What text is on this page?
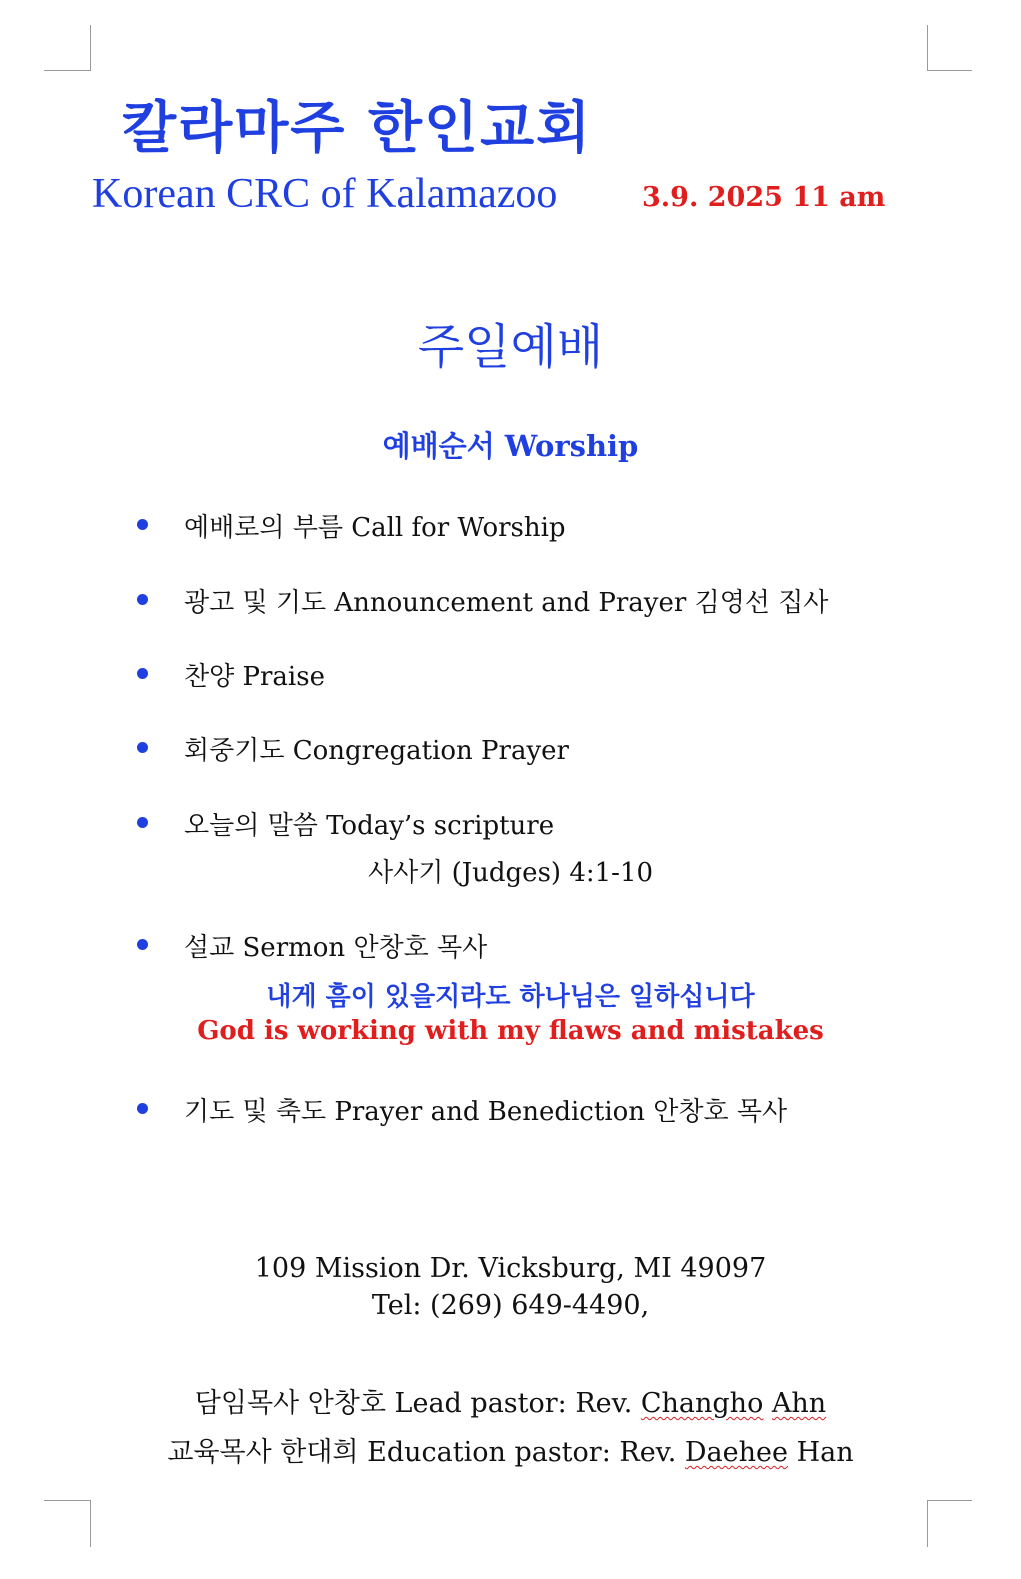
칼라마주 한인교회
Korean CRC of Kalamazoo	3.9. 2025 11 am
주일예배
예배순서 Worship
예배로의 부름 Call for Worship
광고 및 기도 Announcement and Prayer 김영선 집사
찬양 Praise
회중기도 Congregation Prayer
오늘의 말씀 Today’s scripture
사사기 (Judges) 4:1-10
설교 Sermon 안창호 목사
내게 흠이 있을지라도 하나님은 일하십니다
God is working with my flaws and mistakes
기도 및 축도 Prayer and Benediction 안창호 목사
109 Mission Dr. Vicksburg, MI 49097
Tel: (269) 649-4490,
담임목사 안창호 Lead pastor: Rev. Changho Ahn
교육목사 한대희 Education pastor: Rev. Daehee Han
